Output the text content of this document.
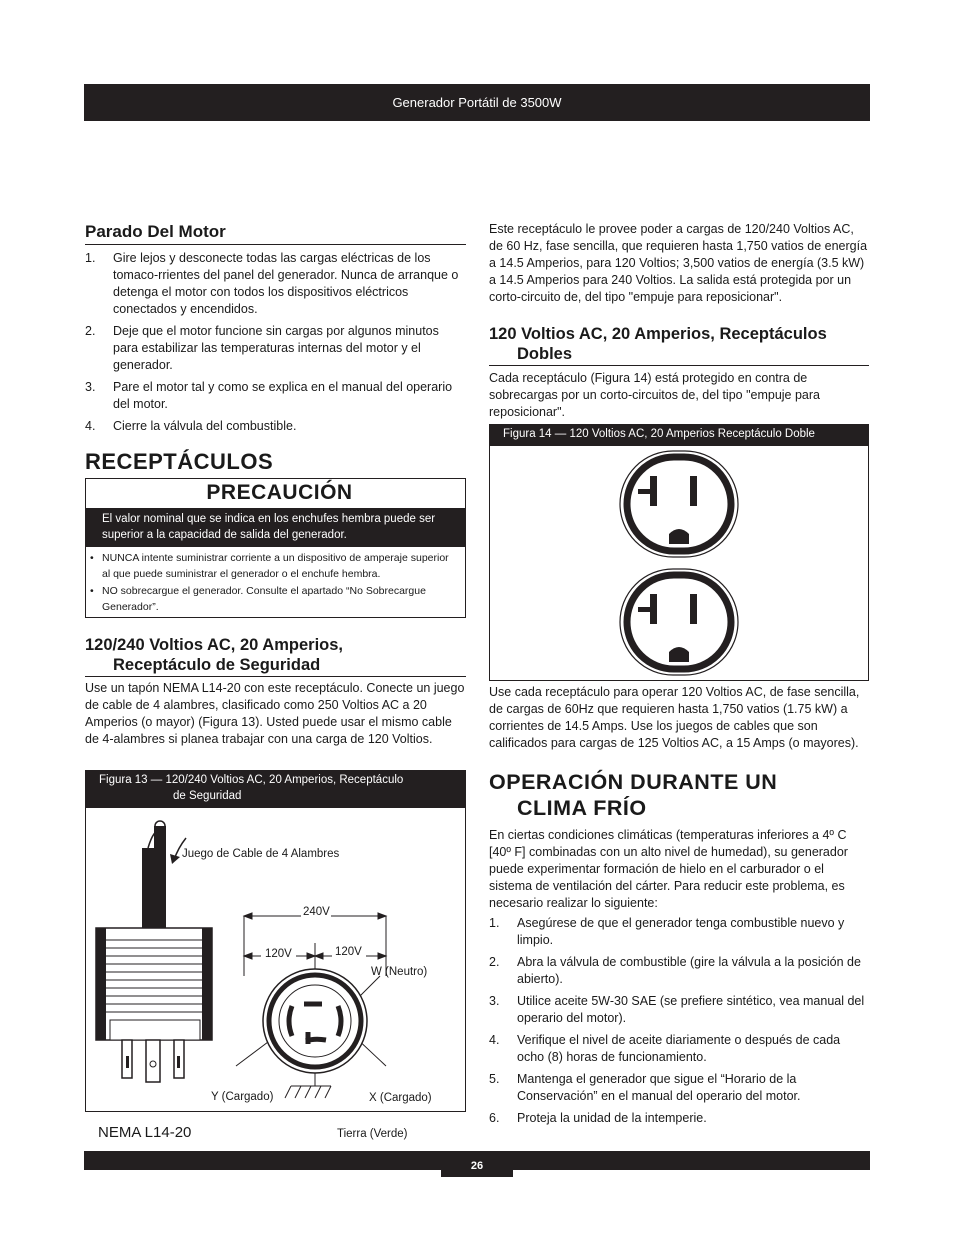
Generador Portátil de 3500W
Parado Del Motor
1. Gire lejos y desconecte todas las cargas eléctricas de los tomaco-rrientes del panel del generador. Nunca de arranque o detenga el motor con todos los dispositivos eléctricos conectados y encendidos.
2. Deje que el motor funcione sin cargas por algunos minutos para estabilizar las temperaturas internas del motor y el generador.
3. Pare el motor tal y como se explica en el manual del operario del motor.
4. Cierre la válvula del combustible.
RECEPTÁCULOS
PRECAUCIÓN
El valor nominal que se indica en los enchufes hembra puede ser superior a la capacidad de salida del generador.
• NUNCA intente suministrar corriente a un dispositivo de amperaje superior al que puede suministrar el generador o el enchufe hembra.
• NO sobrecargue el generador. Consulte el apartado “No Sobrecargue Generador”.
120/240 Voltios AC, 20 Amperios,
Receptáculo de Seguridad

Use un tapón NEMA L14-20 con este receptáculo. Conecte un juego de cable de 4 alambres, clasificado como 250 Voltios AC a 20 Amperios (o mayor) (Figura 13). Usted puede usar el mismo cable de 4-alambres si planea trabajar con una carga de 120 Voltios.

Figura 13 — 120/240 Voltios AC, 20 Amperios, Receptáculo
de Seguridad
Juego de Cable de 4 Alambres
240V
120V	120V
W (Neutro)
Y (Cargado)	X (Cargado)
Tierra (Verde)
NEMA L14-20

Este receptáculo le provee poder a cargas de 120/240 Voltios AC, de 60 Hz, fase sencilla, que requieren hasta 1,750 vatios de energía a 14.5 Amperios, para 120 Voltios; 3,500 vatios de energía (3.5 kW) a 14.5 Amperios para 240 Voltios. La salida está protegida por un corto-circuito de, del tipo "empuje para reposicionar".

120 Voltios AC, 20 Amperios, Receptáculos
Dobles

Cada receptáculo (Figura 14) está protegido en contra de sobrecargas por un corto-circuitos de, del tipo "empuje para reposicionar".

Figura 14 — 120 Voltios AC, 20 Amperios Receptáculo Doble

Use cada receptáculo para operar 120 Voltios AC, de fase sencilla, de cargas de 60Hz que requieren hasta 1,750 vatios (1.75 kW) a corrientes de 14.5 Amps. Use los juegos de cables que son calificados para cargas de 125 Voltios AC, a 15 Amps (o mayores).

OPERACIÓN DURANTE UN
CLIMA FRÍO

En ciertas condiciones climáticas (temperaturas inferiores a 4º C [40º F] combinadas con un alto nivel de humedad), su generador puede experimentar formación de hielo en el carburador o el sistema de ventilación del cárter. Para reducir este problema, es necesario realizar lo siguiente:

1. Asegúrese de que el generador tenga combustible nuevo y limpio.
2. Abra la válvula de combustible (gire la válvula a la posición de abierto).
3. Utilice aceite 5W-30 SAE (se prefiere sintético, vea manual del operario del motor).
4. Verifique el nivel de aceite diariamente o después de cada ocho (8) horas de funcionamiento.
5. Mantenga el generador que sigue el “Horario de la Conservación” en el manual del operario del motor.
6. Proteja la unidad de la intemperie.
26
